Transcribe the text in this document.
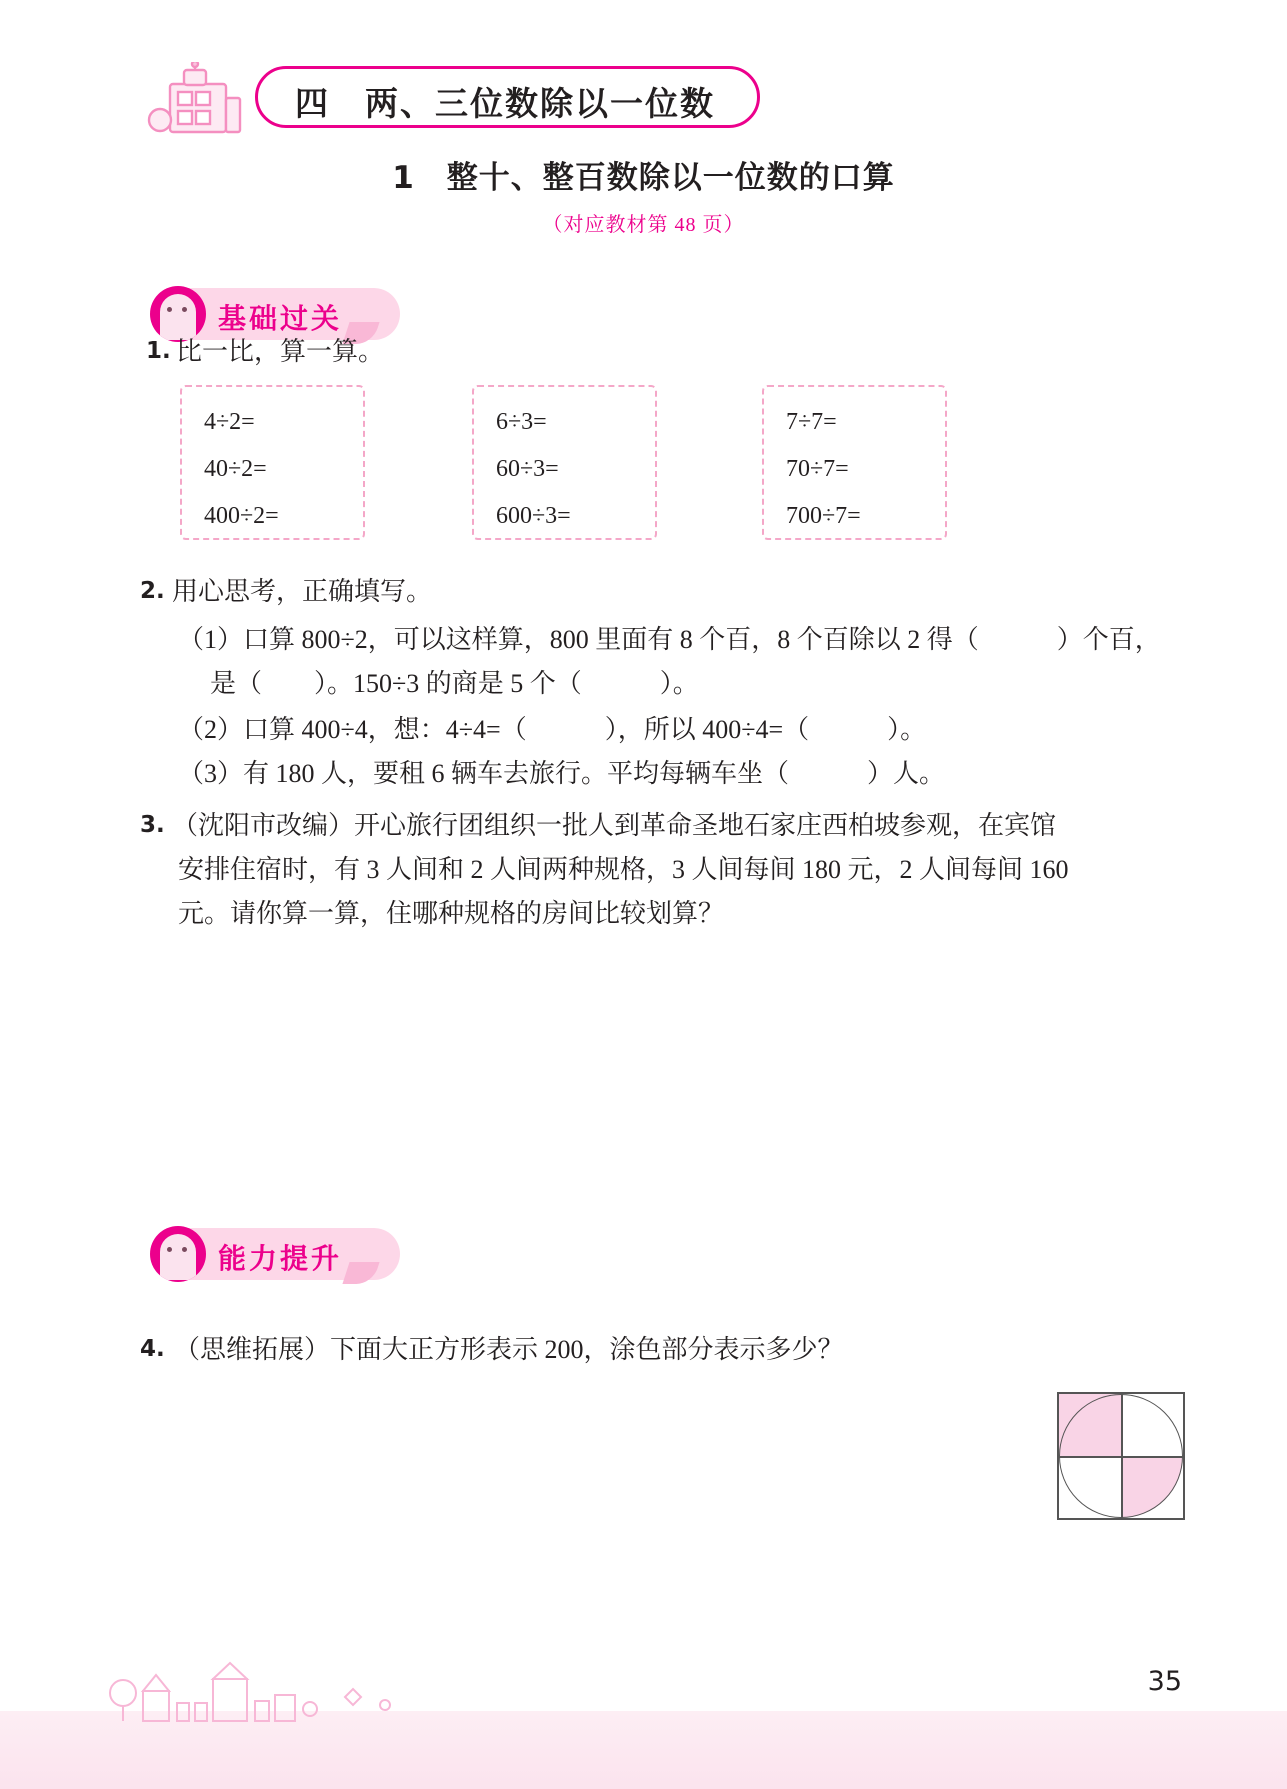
四　两、三位数除以一位数
1　整十、整百数除以一位数的口算
（对应教材第 48 页）
基础过关
1. 比一比，算一算。
4÷2=
40÷2=
400÷2=
6÷3=
60÷3=
600÷3=
7÷7=
70÷7=
700÷7=
2. 用心思考，正确填写。
（1）口算 800÷2，可以这样算，800 里面有 8 个百，8 个百除以 2 得（　　　）个百，
是（　　）。150÷3 的商是 5 个（　　　）。
（2）口算 400÷4，想：4÷4=（　　　），所以 400÷4=（　　　）。
（3）有 180 人，要租 6 辆车去旅行。平均每辆车坐（　　　）人。
3. （沈阳市改编）开心旅行团组织一批人到革命圣地石家庄西柏坡参观，在宾馆
安排住宿时，有 3 人间和 2 人间两种规格，3 人间每间 180 元，2 人间每间 160
元。请你算一算，住哪种规格的房间比较划算？
能力提升
4. （思维拓展）下面大正方形表示 200，涂色部分表示多少？
35
